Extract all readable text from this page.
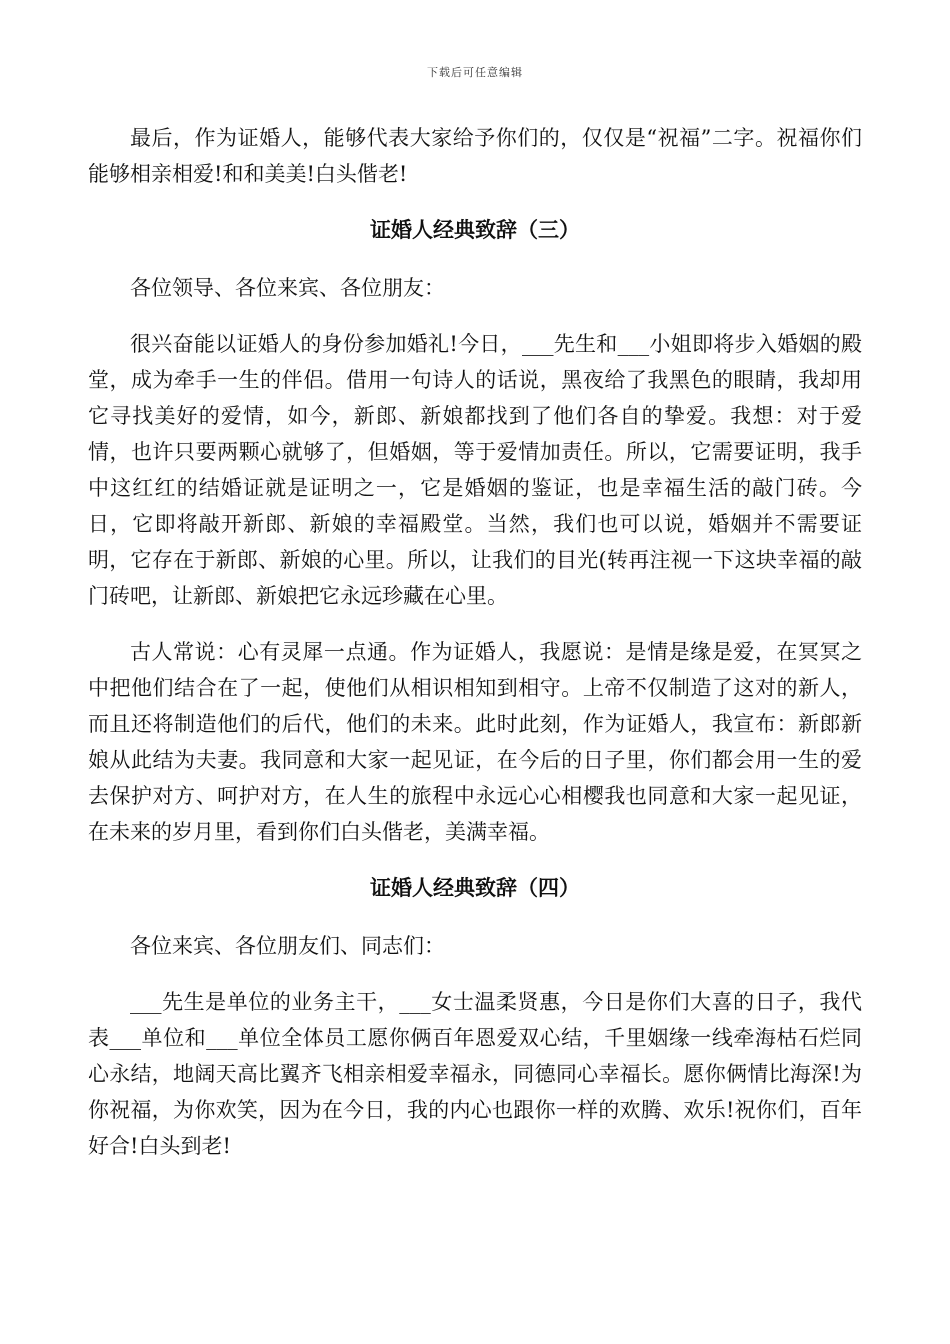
下载后可任意编辑

最后，作为证婚人，能够代表大家给予你们的，仅仅是“祝福”二字。祝福你们能够相亲相爱!和和美美!白头偕老!

证婚人经典致辞（三）

各位领导、各位来宾、各位朋友：

很兴奋能以证婚人的身份参加婚礼!今日，___先生和___小姐即将步入婚姻的殿堂，成为牵手一生的伴侣。借用一句诗人的话说，黑夜给了我黑色的眼睛，我却用它寻找美好的爱情，如今，新郎、新娘都找到了他们各自的挚爱。我想：对于爱情，也许只要两颗心就够了，但婚姻，等于爱情加责任。所以，它需要证明，我手中这红红的结婚证就是证明之一，它是婚姻的鉴证，也是幸福生活的敲门砖。今日，它即将敲开新郎、新娘的幸福殿堂。当然，我们也可以说，婚姻并不需要证明，它存在于新郎、新娘的心里。所以，让我们的目光(转再注视一下这块幸福的敲门砖吧，让新郎、新娘把它永远珍藏在心里。

古人常说：心有灵犀一点通。作为证婚人，我愿说：是情是缘是爱，在冥冥之中把他们结合在了一起，使他们从相识相知到相守。上帝不仅制造了这对的新人，而且还将制造他们的后代，他们的未来。此时此刻，作为证婚人，我宣布：新郎新娘从此结为夫妻。我同意和大家一起见证，在今后的日子里，你们都会用一生的爱去保护对方、呵护对方，在人生的旅程中永远心心相樱我也同意和大家一起见证，在未来的岁月里，看到你们白头偕老，美满幸福。

证婚人经典致辞（四）

各位来宾、各位朋友们、同志们：

___先生是单位的业务主干，___女士温柔贤惠，今日是你们大喜的日子，我代表___单位和___单位全体员工愿你俩百年恩爱双心结，千里姻缘一线牵海枯石烂同心永结，地阔天高比翼齐飞相亲相爱幸福永，同德同心幸福长。愿你俩情比海深!为你祝福，为你欢笑，因为在今日，我的内心也跟你一样的欢腾、欢乐!祝你们，百年好合!白头到老!
